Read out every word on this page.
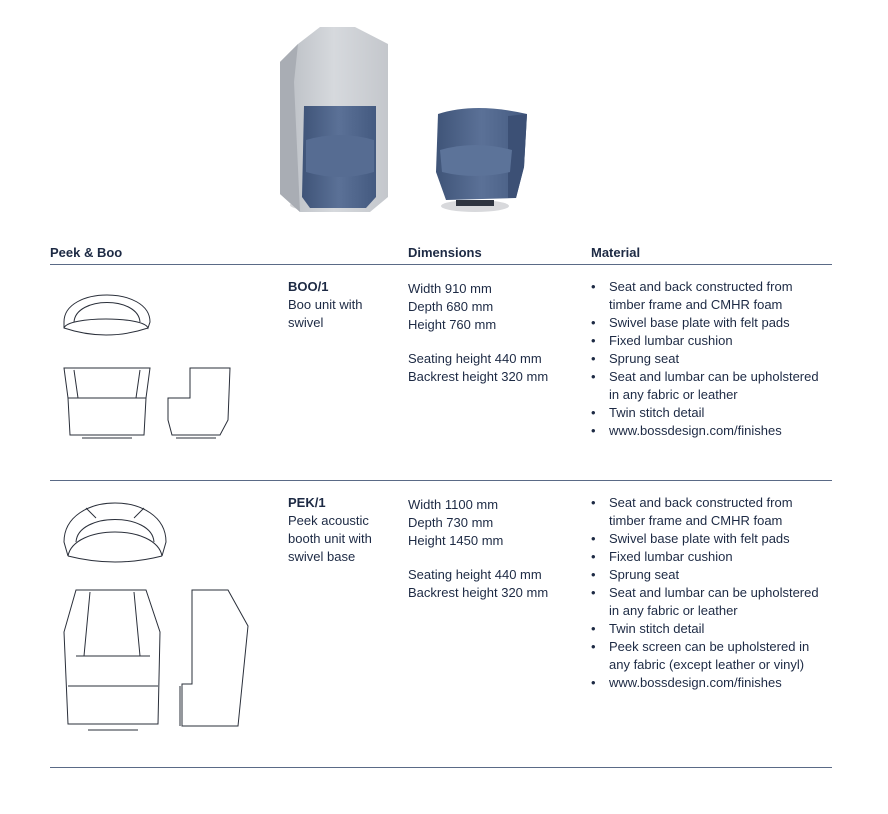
Peek & Boo	Dimensions	Material
BOO/1
Boo unit with swivel
Width 910 mm
Depth 680 mm
Height 760 mm
Seating height 440 mm
Backrest height 320 mm
• Seat and back constructed from timber frame and CMHR foam
• Swivel base plate with felt pads
• Fixed lumbar cushion
• Sprung seat
• Seat and lumbar can be upholstered in any fabric or leather
• Twin stitch detail
• www.bossdesign.com/finishes
PEK/1
Peek acoustic booth unit with swivel base
Width 1100 mm
Depth 730 mm
Height 1450 mm
Seating height 440 mm
Backrest height 320 mm
• Seat and back constructed from timber frame and CMHR foam
• Swivel base plate with felt pads
• Fixed lumbar cushion
• Sprung seat
• Seat and lumbar can be upholstered in any fabric or leather
• Twin stitch detail
• Peek screen can be upholstered in any fabric (except leather or vinyl)
• www.bossdesign.com/finishes
